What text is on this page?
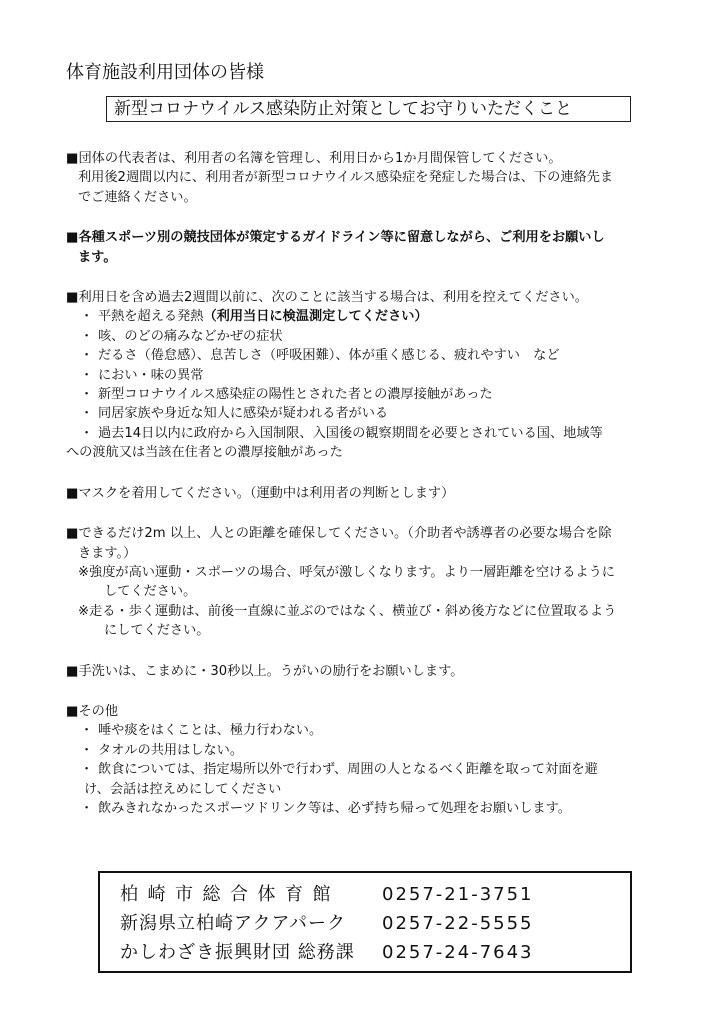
体育施設利用団体の皆様
新型コロナウイルス感染防止対策としてお守りいただくこと
■団体の代表者は、利用者の名簿を管理し、利用日から1か月間保管してください。
利用後2週間以内に、利用者が新型コロナウイルス感染症を発症した場合は、下の連絡先ま
でご連絡ください。
■各種スポーツ別の競技団体が策定するガイドライン等に留意しながら、ご利用をお願いし
ます。
■利用日を含め過去2週間以前に、次のことに該当する場合は、利用を控えてください。
・ 平熱を超える発熱（利用当日に検温測定してください）
・ 咳、のどの痛みなどかぜの症状
・ だるさ（倦怠感）、息苦しさ（呼吸困難）、体が重く感じる、疲れやすい　など
・ におい・味の異常
・ 新型コロナウイルス感染症の陽性とされた者との濃厚接触があった
・ 同居家族や身近な知人に感染が疑われる者がいる
・ 過去14日以内に政府から入国制限、入国後の観察期間を必要とされている国、地域等
への渡航又は当該在住者との濃厚接触があった
■マスクを着用してください。（運動中は利用者の判断とします）
■できるだけ2m 以上、人との距離を確保してください。（介助者や誘導者の必要な場合を除
きます。）
※強度が高い運動・スポーツの場合、呼気が激しくなります。より一層距離を空けるように
してください。
※走る・歩く運動は、前後一直線に並ぶのではなく、横並び・斜め後方などに位置取るよう
にしてください。
■手洗いは、こまめに・30秒以上。うがいの励行をお願いします。
■その他
・ 唾や痰をはくことは、極力行わない。
・ タオルの共用はしない。
・ 飲食については、指定場所以外で行わず、周囲の人となるべく距離を取って対面を避
け、会話は控えめにしてください
・ 飲みきれなかったスポーツドリンク等は、必ず持ち帰って処理をお願いします。
柏崎市総合体育館	0257-21-3751
新潟県立柏崎アクアパーク	0257-22-5555
かしわざき振興財団 総務課	0257-24-7643
